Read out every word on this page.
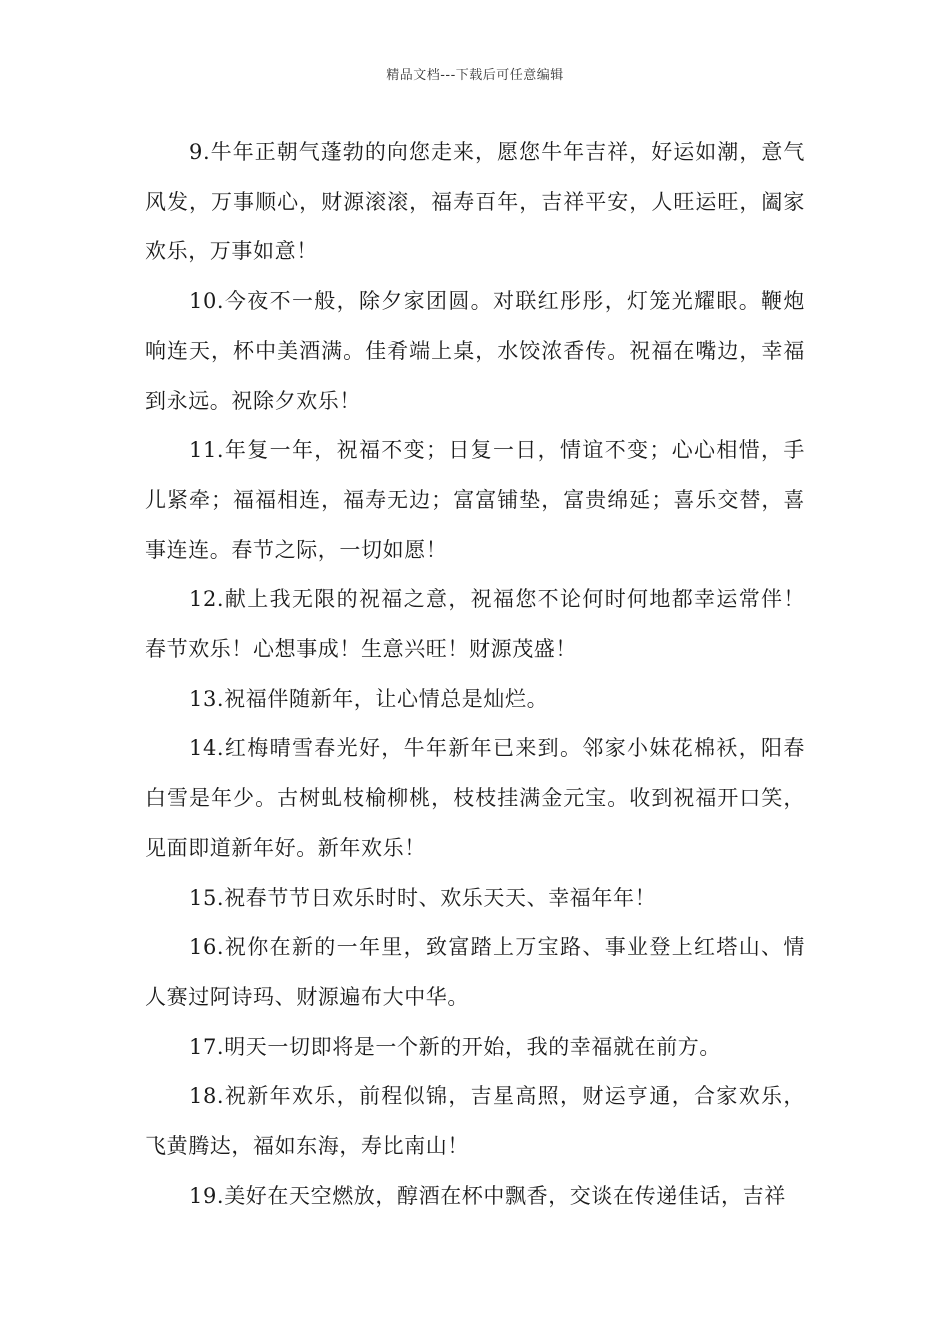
精品文档---下载后可任意编辑

9.牛年正朝气蓬勃的向您走来，愿您牛年吉祥，好运如潮，意气风发，万事顺心，财源滚滚，福寿百年，吉祥平安，人旺运旺，阖家欢乐，万事如意！

10.今夜不一般，除夕家团圆。对联红彤彤，灯笼光耀眼。鞭炮响连天，杯中美酒满。佳肴端上桌，水饺浓香传。祝福在嘴边，幸福到永远。祝除夕欢乐！

11.年复一年，祝福不变；日复一日，情谊不变；心心相惜，手儿紧牵；福福相连，福寿无边；富富铺垫，富贵绵延；喜乐交替，喜事连连。春节之际，一切如愿！

12.献上我无限的祝福之意，祝福您不论何时何地都幸运常伴！春节欢乐！心想事成！生意兴旺！财源茂盛！

13.祝福伴随新年，让心情总是灿烂。

14.红梅晴雪春光好，牛年新年已来到。邻家小妹花棉袄，阳春白雪是年少。古树虬枝榆柳桃，枝枝挂满金元宝。收到祝福开口笑，见面即道新年好。新年欢乐！

15.祝春节节日欢乐时时、欢乐天天、幸福年年！

16.祝你在新的一年里，致富踏上万宝路、事业登上红塔山、情人赛过阿诗玛、财源遍布大中华。

17.明天一切即将是一个新的开始，我的幸福就在前方。

18.祝新年欢乐，前程似锦，吉星高照，财运亨通，合家欢乐，飞黄腾达，福如东海，寿比南山！

19.美好在天空燃放，醇酒在杯中飘香，交谈在传递佳话，吉祥
